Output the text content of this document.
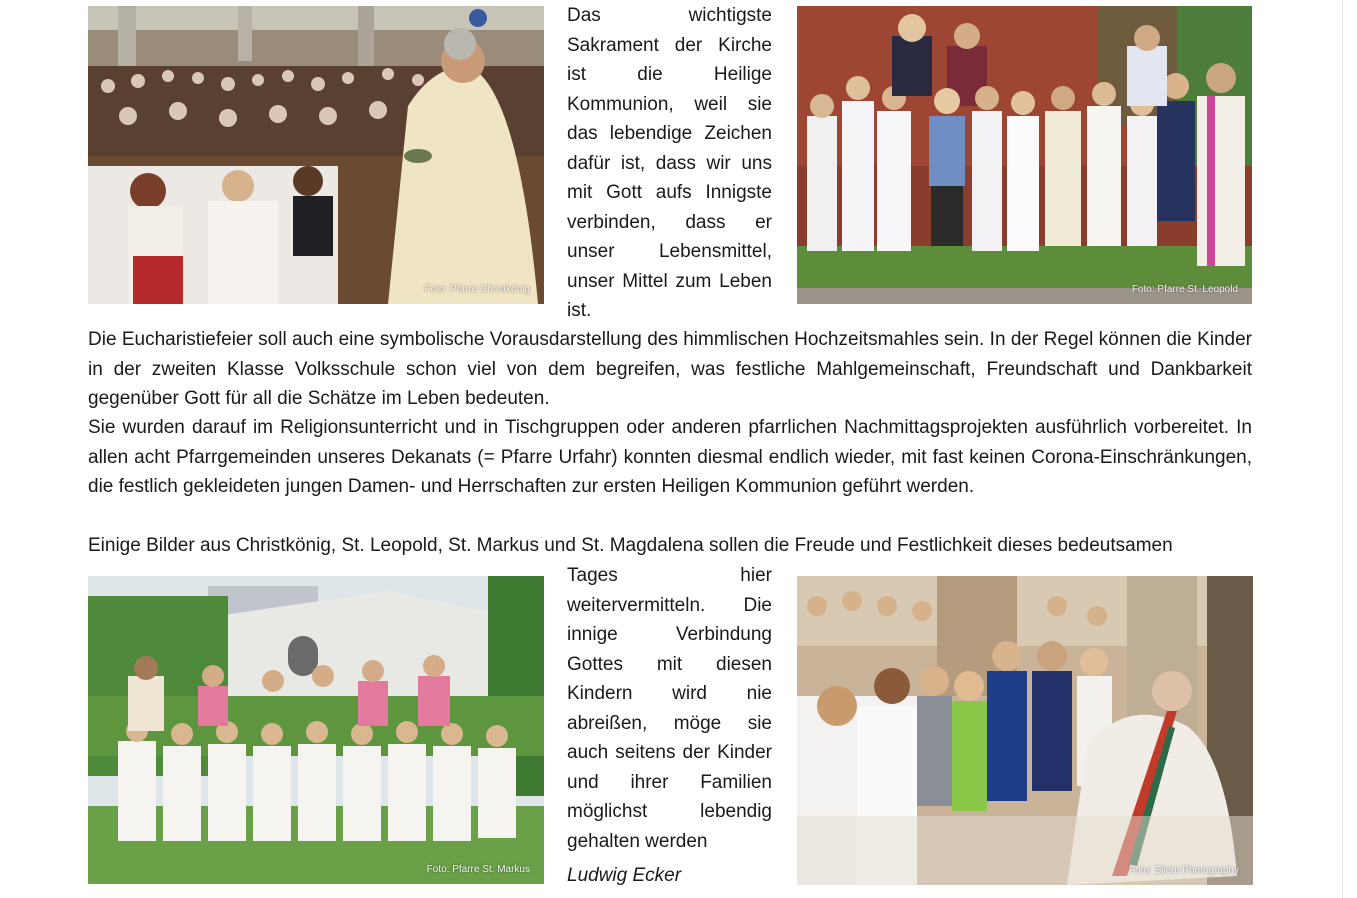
Foto: Pfarre Christkönig

Das wichtigste Sakrament der Kirche ist die Heilige Kommunion, weil sie das lebendige Zeichen dafür ist, dass wir uns mit Gott aufs Innigste verbinden, dass er unser Lebensmittel, unser Mittel zum Leben ist.

Foto: Pfarre St. Leopold

Die Eucharistiefeier soll auch eine symbolische Vorausdarstellung des himmlischen Hochzeitsmahles sein. In der Regel können die Kinder in der zweiten Klasse Volksschule schon viel von dem begreifen, was festliche Mahlgemeinschaft, Freundschaft und Dankbarkeit gegenüber Gott für all die Schätze im Leben bedeuten.

Sie wurden darauf im Religionsunterricht und in Tischgruppen oder anderen pfarrlichen Nachmittagsprojekten ausführlich vorbereitet. In allen acht Pfarrgemeinden unseres Dekanats (= Pfarre Urfahr) konnten diesmal endlich wieder, mit fast keinen Corona-Einschränkungen, die festlich gekleideten jungen Damen- und Herrschaften zur ersten Heiligen Kommunion geführt werden.

Einige Bilder aus Christkönig, St. Leopold, St. Markus und St. Magdalena sollen die Freude und Festlichkeit dieses bedeutsamen

Foto: Pfarre St. Markus

Tages hier weitervermitteln. Die innige Verbindung Gottes mit diesen Kindern wird nie abreißen, möge sie auch seitens der Kinder und ihrer Familien möglichst lebendig gehalten werden

Ludwig Ecker	Foto: Silent Photography
